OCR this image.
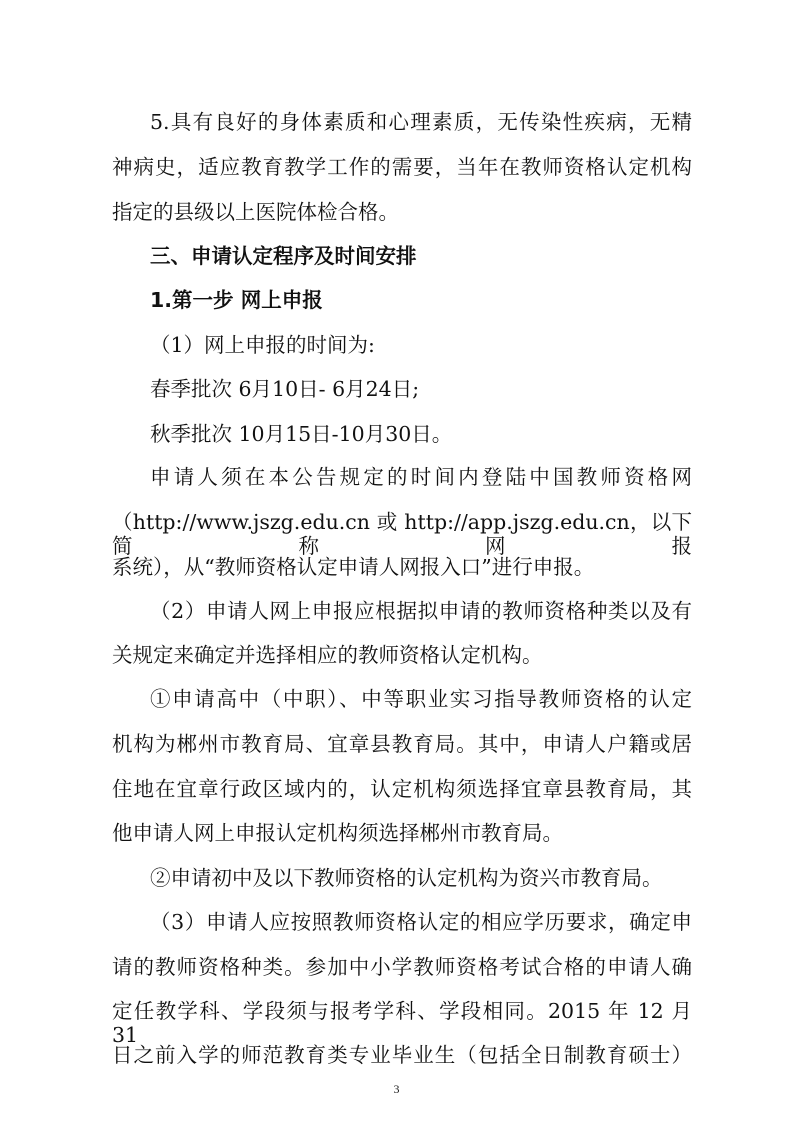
5.具有良好的身体素质和心理素质，无传染性疾病，无精
神病史，适应教育教学工作的需要，当年在教师资格认定机构
指定的县级以上医院体检合格。
三、申请认定程序及时间安排
1.第一步 网上申报
（1）网上申报的时间为:
春季批次 6月10日- 6月24日;
秋季批次 10月15日-10月30日。
申请人须在本公告规定的时间内登陆中国教师资格网
（http://www.jszg.edu.cn 或 http://app.jszg.edu.cn，以下简称网报
系统），从“教师资格认定申请人网报入口”进行申报。
（2）申请人网上申报应根据拟申请的教师资格种类以及有
关规定来确定并选择相应的教师资格认定机构。
①申请高中（中职）、中等职业实习指导教师资格的认定
机构为郴州市教育局、宜章县教育局。其中，申请人户籍或居
住地在宜章行政区域内的，认定机构须选择宜章县教育局，其
他申请人网上申报认定机构须选择郴州市教育局。
②申请初中及以下教师资格的认定机构为资兴市教育局。
（3）申请人应按照教师资格认定的相应学历要求，确定申
请的教师资格种类。参加中小学教师资格考试合格的申请人确
定任教学科、学段须与报考学科、学段相同。2015 年 12 月 31
日之前入学的师范教育类专业毕业生（包括全日制教育硕士）
3
